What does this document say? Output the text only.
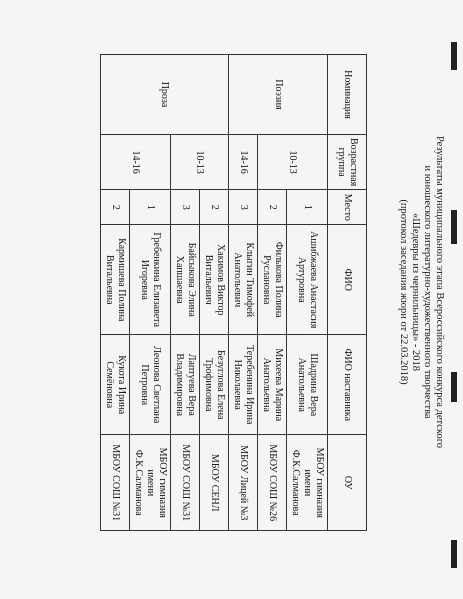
Результаты муниципального этапа Всероссийского конкурса детского
и юношеского литературно-художественного творчества
«Шедевры из чернильницы» - 2018
(протокол заседания жюри от 22.03.2018)
Номинация	Возрастная группа	Место	ФИО	ФИО наставника	ОУ
Поэзия	10-13	1	Ашибжаева Анастасия Артуровна	Шадрина Вера Анатольевна	МБОУ гимназия имени Ф.К.Салманова
		2	Филькова Полина Руслановна	Михеева Марина Анатольевна	МБОУ СОШ №26
	14-16	3	Клыгин Тимофей Анатольевич	Теребенина Ирина Николаевна	МБОУ Лицей №3
Проза	10-13	2	Хакимов Виктор Витальевич	Безуглова Елена Трофимовна	МБОУ СЕНЛ
		3	Байсыкова Элина Хапшаевна	Лаптуева Вера Владимировна	МБОУ СОШ №31
	14-16	1	Гребенкина Елизавета Игоревна	Леонова Светлана Петровна	МБОУ гимназия имени Ф.К.Салманова
		2	Кармишева Полина Витальевна	Кукота Ирина Семёновна	МБОУ СОШ №31
